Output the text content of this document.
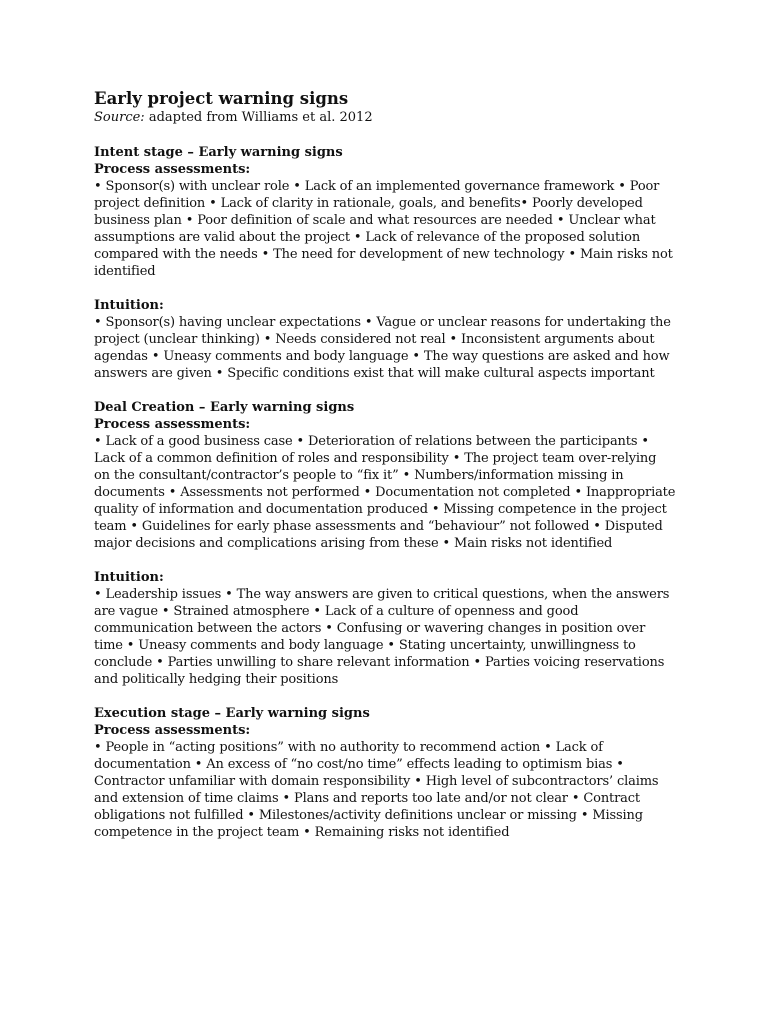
Early project warning signs

Source: adapted from Williams et al. 2012

Intent stage – Early warning signs

Process assessments:

• Sponsor(s) with unclear role • Lack of an implemented governance framework • Poor project definition • Lack of clarity in rationale, goals, and benefits• Poorly developed business plan • Poor definition of scale and what resources are needed • Unclear what assumptions are valid about the project • Lack of relevance of the proposed solution compared with the needs • The need for development of new technology • Main risks not identified

Intuition:

• Sponsor(s) having unclear expectations • Vague or unclear reasons for undertaking the project (unclear thinking) • Needs considered not real • Inconsistent arguments about agendas • Uneasy comments and body language • The way questions are asked and how answers are given • Specific conditions exist that will make cultural aspects important

Deal Creation – Early warning signs

Process assessments:

• Lack of a good business case • Deterioration of relations between the participants • Lack of a common definition of roles and responsibility • The project team over-relying on the consultant/contractor’s people to “fix it” • Numbers/information missing in documents • Assessments not performed • Documentation not completed • Inappropriate quality of information and documentation produced • Missing competence in the project team • Guidelines for early phase assessments and “behaviour” not followed • Disputed major decisions and complications arising from these • Main risks not identified

Intuition:

• Leadership issues • The way answers are given to critical questions, when the answers are vague • Strained atmosphere • Lack of a culture of openness and good communication between the actors • Confusing or wavering changes in position over time • Uneasy comments and body language • Stating uncertainty, unwillingness to conclude • Parties unwilling to share relevant information • Parties voicing reservations and politically hedging their positions

Execution stage – Early warning signs

Process assessments:

• People in “acting positions” with no authority to recommend action • Lack of documentation • An excess of “no cost/no time” effects leading to optimism bias • Contractor unfamiliar with domain responsibility • High level of subcontractors’ claims and extension of time claims • Plans and reports too late and/or not clear • Contract obligations not fulfilled • Milestones/activity definitions unclear or missing • Missing competence in the project team • Remaining risks not identified
